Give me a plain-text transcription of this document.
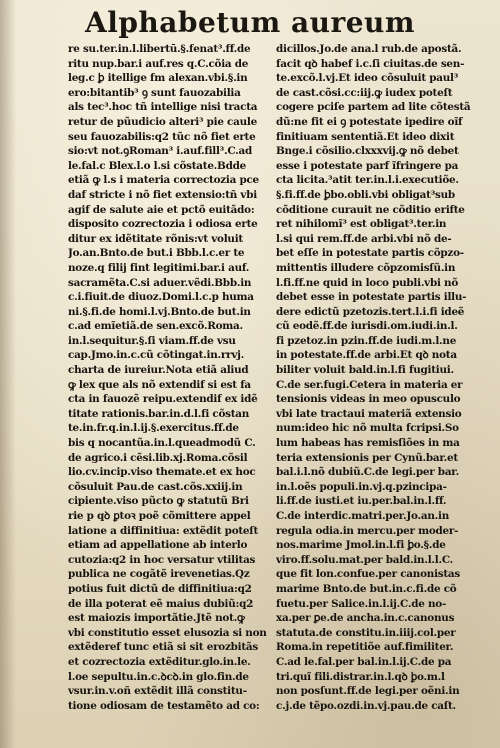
Alphabetum aureum
re su.ter.in.l.libertū.§.fenat³.ff.de
ritu nup.bar.i auf.res q.C.cõia de
leg.c ꝧ itellige fm alexan.vbi.§.in
ero:bitantib³ ꝯ sunt fauozabilia
als tec³.hoc tñ intellige nisi tracta
retur de pũudicio alteri³ pie caule
seu fauozabilis:q2 tũc nõ fiet erte
sio:vt not.ꝯRoman³ i.auf.fill³.C.ad
le.fal.c Blex.l.o l.si cõstate.Bdde
etiã ꝙ l.s i materia correctozia pce
daf stricte i nõ fiet extensio:tñ vbi
agif de salute aie et pctõ euitãdo:
disposito cozrectozia i odiosa erte
ditur ex idẽtitate rõnis:vt voluit
Jo.an.Bnto.de but.i Bbb.l.c.er te
noze.q filij fint legitimi.bar.i auf.
sacramẽta.C.si aduer.vẽdi.Bbb.in
c.i.fiuit.de diuoz.Domi.l.c.p huma
ni.§.fi.de homi.l.vj.Bnto.de but.in
c.ad emĩetiã.de sen.excõ.Roma.
in.l.sequitur.§.ſi viam.ff.de vsu
cap.Jmo.in.c.cũ cõtingat.in.rrvj.
charta de iureiur.Nota etiã aliud
ꝙ lex que als nõ extendif si est fa
cta in fauozẽ reipu.extendif ex idẽ
titate rationis.bar.in.d.l.fi cõstan
te.in.fr.q.in.l.ij.§.exercitus.ff.de
bis q nocantũa.in.l.queadmodũ C.
de agrico.i cẽsi.lib.xj.Roma.cõsil
lio.cv.incip.viso themate.et ex hoc
cõsuluit Pau.de cast.cõs.xxiij.in
cipiente.viso pũcto ꝙ statutũ Bri
rie p qꝺ ꝑtoꝛ poẽ cõmittere appel
latione a diffinitiua: extẽdit poteſt
etiam ad appellatione ab interlo
cutozia:q2 in hoc versatur vtilitas
publica ne cogãtẽ irevenetias.Qz
potius fuit dictũ de diffinitiua:q2
de illa poterat eẽ maius dubiũ:q2
est maiozis importãtie.Jtẽ not.ꝙ
vbi constitutio esset elusozia si non
extẽderef tunc etiã si sit erozbitãs
et cozrectozia extẽditur.glo.in.le.
l.oe sepultu.in.c.ꝺcꝺ.in glo.fin.de
vsur.in.v.oñ extẽdit illã constitu-
tione odiosam de testamẽto ad co:
dicillos.Jo.de ana.l rub.de apostã.
facit qꝺ habef i.c.ſi ciuitas.de sen-
te.excõ.l.vj.Et ideo cõsuluit paul³
de cast.cõsi.cc:iij.ꝙ iudex poteſt
cogere pciſe partem ad lite cõtestã
dũ:ne fit ei ꝯ potestate ipedire oĩf
finitiuam sententiã.Et ideo dixit
Bnge.i cõsilio.clxxxvij.ꝙ nõ debet
esse i potestate parf ĩfringere pa
cta licita.³atit ter.in.l.i.executiõe.
§.fi.ff.de ꝧbo.obli.vbi obligat³sub
cõditione curauit ne cõditio erifte
ret nihilomĩ³ est obligat³.ter.in
l.si qui rem.ff.de arbi.vbi nõ de-
bet eſſe in potestate partis cõpzo-
mittentis illudere cõpzomisſũ.in
l.fi.ff.ne quid in loco publi.vbi nõ
debet esse in potestate partis illu-
dere edictũ pzetozis.tert.l.i.fi ideẽ
cũ eodẽ.ff.de iurisdi.om.iudi.in.l.
fi pzetoz.in pzin.ff.de iudi.m.l.ne
in potestate.ff.de arbi.Et qꝺ nota
biliter voluit bald.in.l.fi fugitiui.
C.de ser.fugi.Cetera in materia er
tensionis videas in meo opusculo
vbi late tractaui materiã extensio
num:ideo hic nõ multa fcripsi.So
lum habeas has remisſiões in ma
teria extensionis per Cynũ.bar.et
bal.i.l.nõ dubiũ.C.de legi.per bar.
in.l.oẽs populi.in.vj.q.pzincipa-
li.ff.de iusti.et iu.per.bal.in.l.ff.
C.de interdic.matri.per.Jo.an.in
regula odia.in mercu.per moder-
nos.marime Jmol.in.l.fi ꝧo.§.de
viro.ff.solu.mat.per bald.in.l.l.C.
que fit lon.confue.per canonistas
marime Bnto.de but.in.c.fi.de cõ
fuetu.per Salice.in.l.ij.C.de no-
xa.per ꝑe.de ancha.in.c.canonus
statuta.de constitu.in.iiij.col.per
Roma.in repetitiõe auf.fimiliter.
C.ad le.fal.per bal.in.l.ij.C.de pa
tri.quĩ fili.distrar.in.l.qꝺ ꝧo.m.l
non posſunt.ff.de legi.per oẽni.in
c.j.de tẽpo.ozdi.in.vj.pau.de caſt.
